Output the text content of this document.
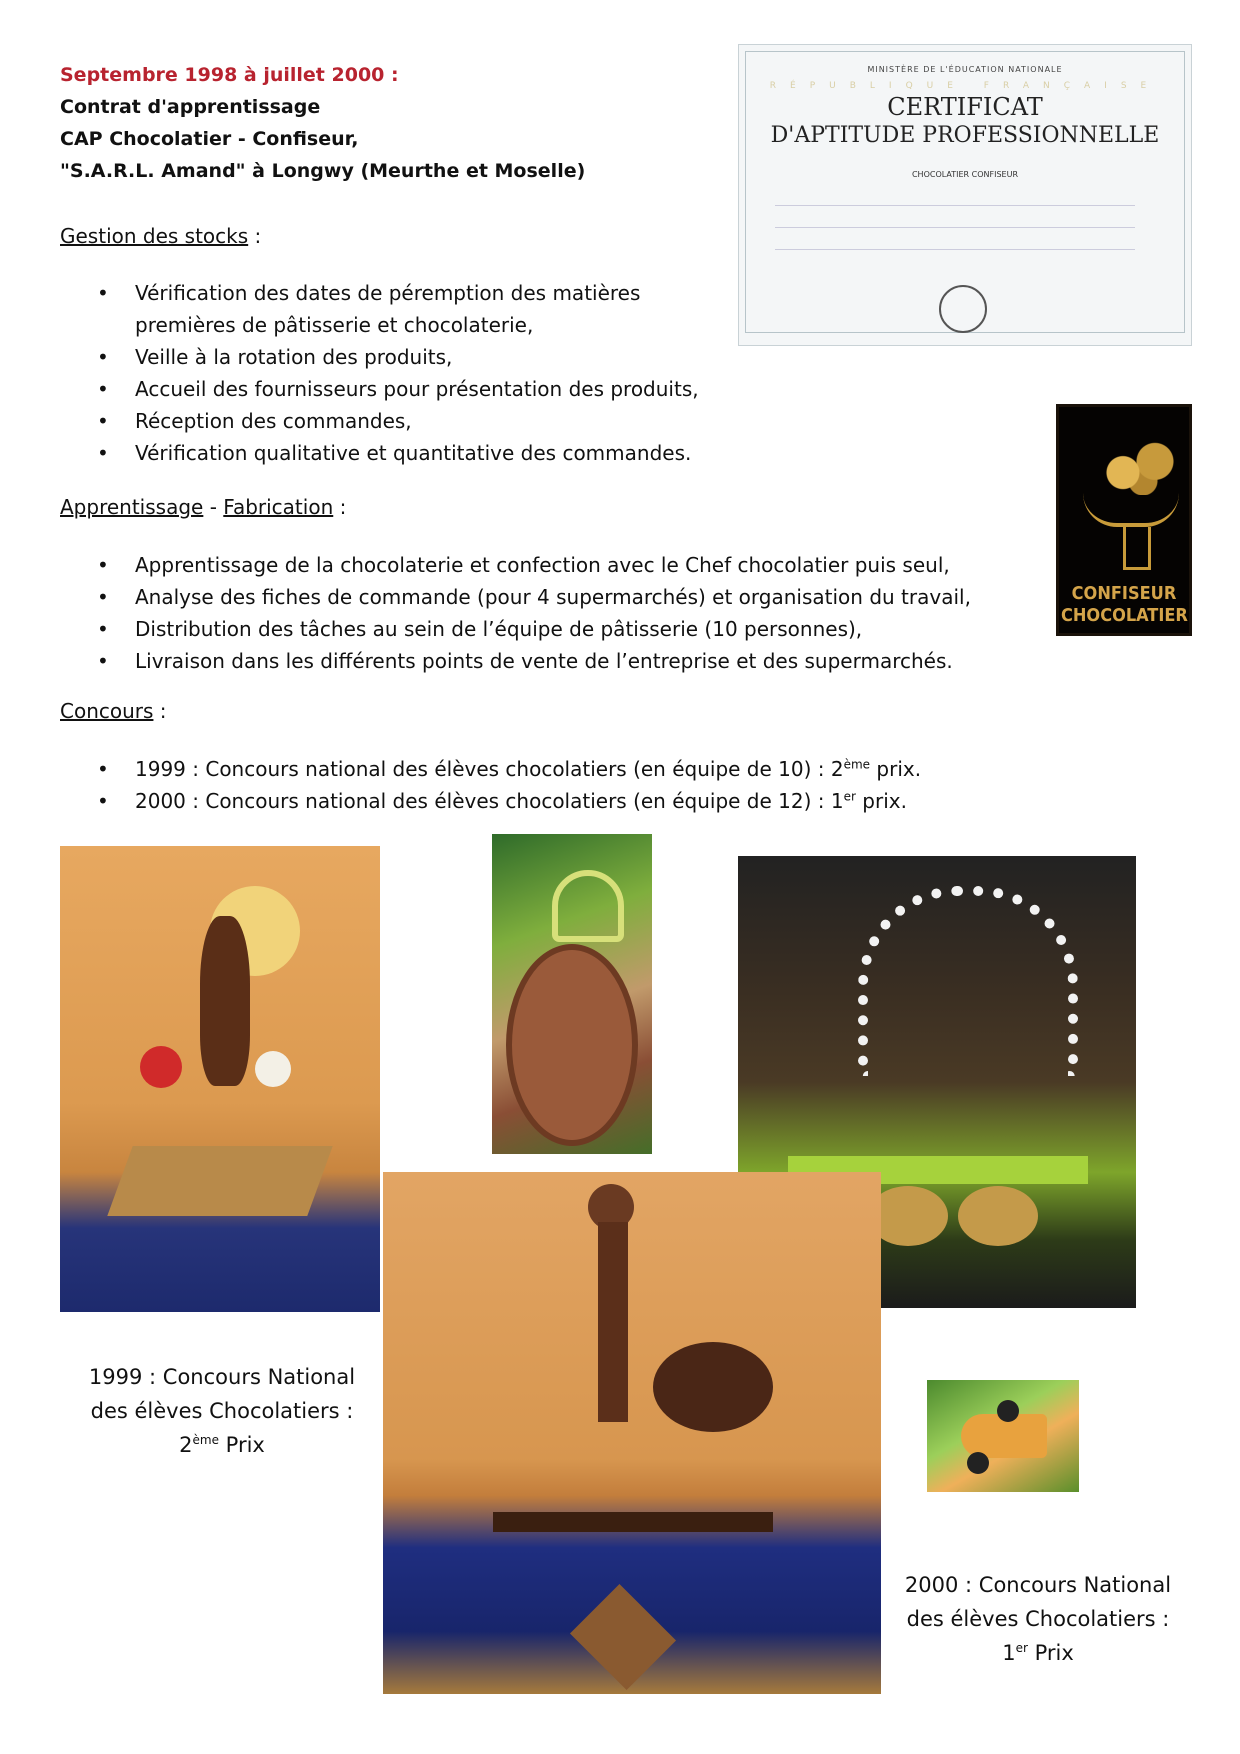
Septembre 1998 à juillet 2000 :
Contrat d'apprentissage
CAP Chocolatier - Confiseur,
"S.A.R.L. Amand" à Longwy (Meurthe et Moselle)
MINISTÈRE DE L'ÉDUCATION NATIONALE
RÉPUBLIQUE FRANÇAISE
CERTIFICAT
D'APTITUDE PROFESSIONNELLE
CHOCOLATIER CONFISEUR
Gestion des stocks :
• Vérification des dates de péremption des matières
premières de pâtisserie et chocolaterie,
• Veille à la rotation des produits,
• Accueil des fournisseurs pour présentation des produits,
• Réception des commandes,
• Vérification qualitative et quantitative des commandes.
CONFISEUR
CHOCOLATIER
Apprentissage - Fabrication :
• Apprentissage de la chocolaterie et confection avec le Chef chocolatier puis seul,
• Analyse des fiches de commande (pour 4 supermarchés) et organisation du travail,
• Distribution des tâches au sein de l’équipe de pâtisserie (10 personnes),
• Livraison dans les différents points de vente de l’entreprise et des supermarchés.
Concours :
• 1999 : Concours national des élèves chocolatiers (en équipe de 10) : 2ème prix.
• 2000 : Concours national des élèves chocolatiers (en équipe de 12) : 1er prix.
1999 : Concours National
des élèves Chocolatiers :
2ème Prix
2000 : Concours National
des élèves Chocolatiers :
1er Prix
